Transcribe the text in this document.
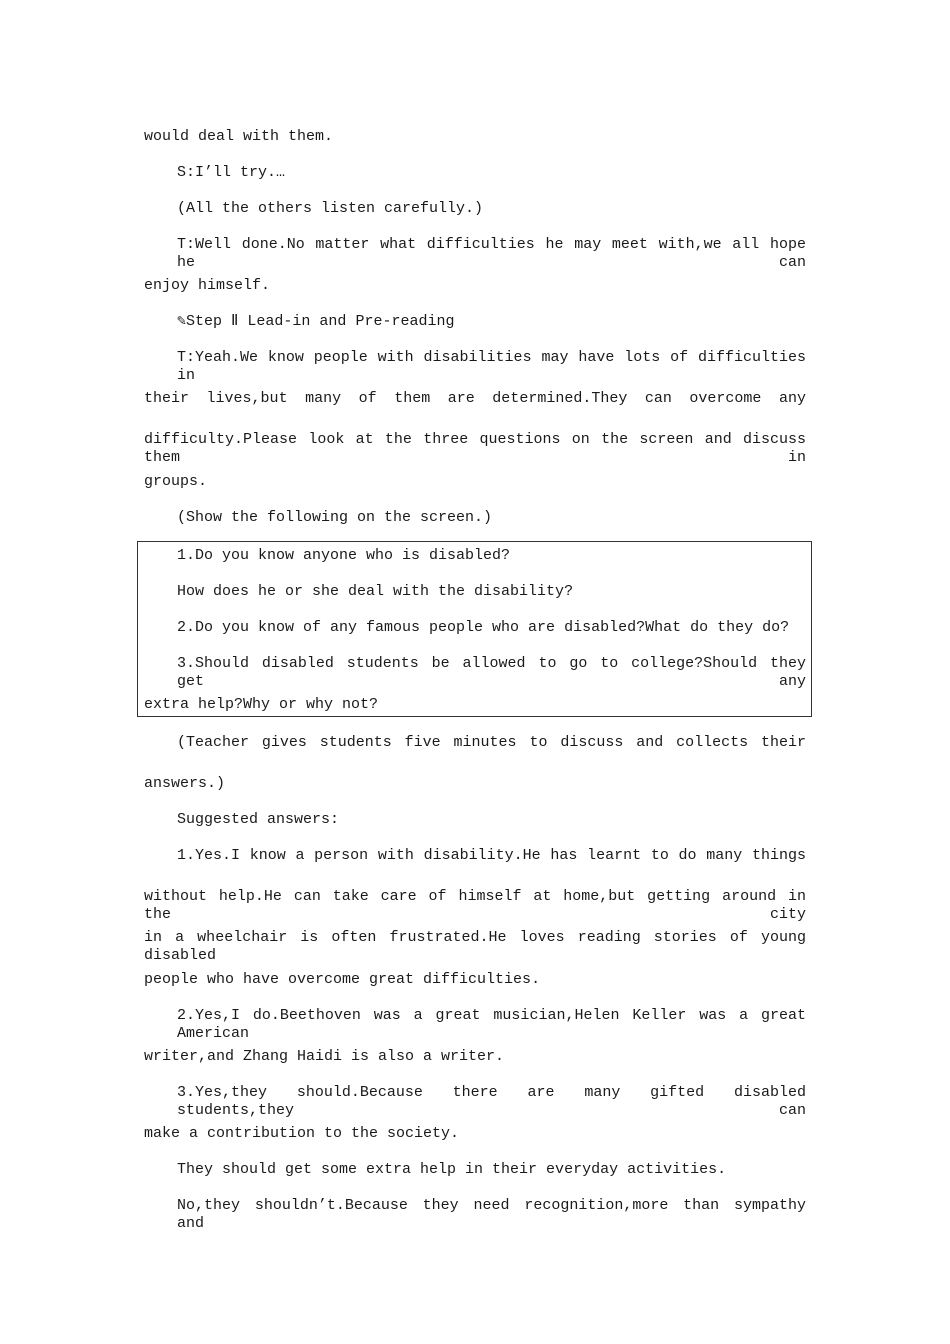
would deal with them.
S:I’ll try.…
(All the others listen carefully.)
T:Well done.No matter what difficulties he may meet with,we all hope he can
enjoy himself.
✎Step Ⅱ Lead-in and Pre-reading
T:Yeah.We know people with disabilities may have lots of difficulties in
their lives,but many of them are determined.They can overcome any
difficulty.Please look at the three questions on the screen and discuss them in
groups.
(Show the following on the screen.)
1.Do you know anyone who is disabled?
How does he or she deal with the disability?
2.Do you know of any famous people who are disabled?What do they do?
3.Should disabled students be allowed to go to college?Should they get any
extra help?Why or why not?
(Teacher gives students five minutes to discuss and collects their
answers.)
Suggested answers:
1.Yes.I know a person with disability.He has learnt to do many things
without help.He can take care of himself at home,but getting around in the city
in a wheelchair is often frustrated.He loves reading stories of young disabled
people who have overcome great difficulties.
2.Yes,I do.Beethoven was a great musician,Helen Keller was a great American
writer,and Zhang Haidi is also a writer.
3.Yes,they should.Because there are many gifted disabled students,they can
make a contribution to the society.
They should get some extra help in their everyday activities.
No,they shouldn’t.Because they need recognition,more than sympathy and
